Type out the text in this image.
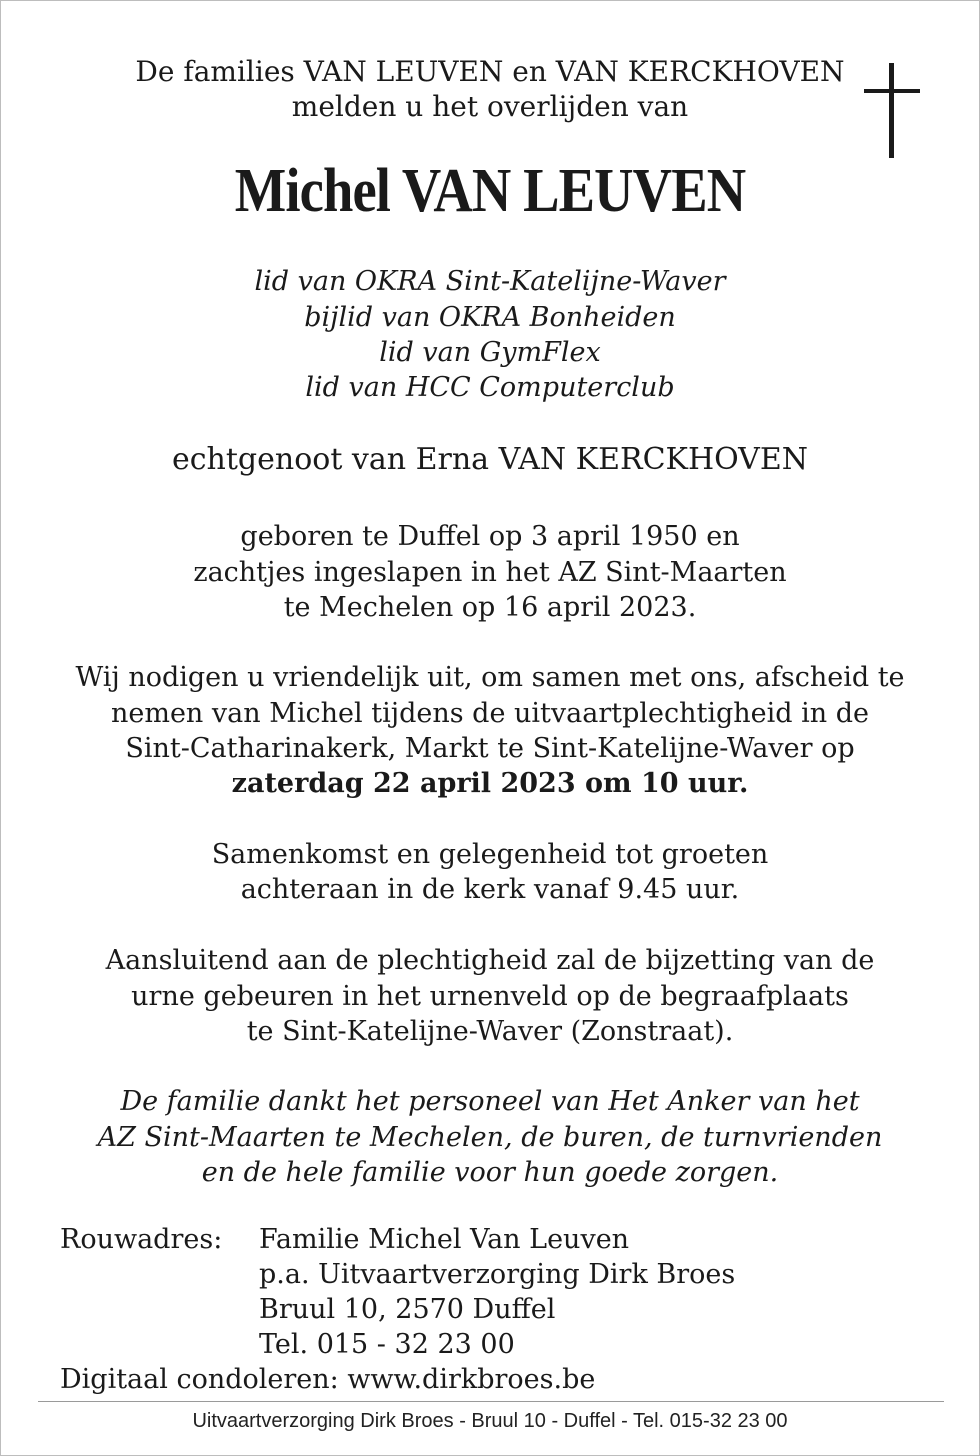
De families VAN LEUVEN en VAN KERCKHOVEN
melden u het overlijden van
Michel VAN LEUVEN
lid van OKRA Sint-Katelijne-Waver
bijlid van OKRA Bonheiden
lid van GymFlex
lid van HCC Computerclub
echtgenoot van Erna VAN KERCKHOVEN
geboren te Duffel op 3 april 1950 en
zachtjes ingeslapen in het AZ Sint-Maarten
te Mechelen op 16 april 2023.
Wij nodigen u vriendelijk uit, om samen met ons, afscheid te
nemen van Michel tijdens de uitvaartplechtigheid in de
Sint-Catharinakerk, Markt te Sint-Katelijne-Waver op
zaterdag 22 april 2023 om 10 uur.
Samenkomst en gelegenheid tot groeten
achteraan in de kerk vanaf 9.45 uur.
Aansluitend aan de plechtigheid zal de bijzetting van de
urne gebeuren in het urnenveld op de begraafplaats
te Sint-Katelijne-Waver (Zonstraat).
De familie dankt het personeel van Het Anker van het
AZ Sint-Maarten te Mechelen, de buren, de turnvrienden
en de hele familie voor hun goede zorgen.
Rouwadres: Familie Michel Van Leuven
p.a. Uitvaartverzorging Dirk Broes
Bruul 10, 2570 Duffel
Tel. 015 - 32 23 00
Digitaal condoleren: www.dirkbroes.be
Uitvaartverzorging Dirk Broes - Bruul 10 - Duffel - Tel. 015-32 23 00
